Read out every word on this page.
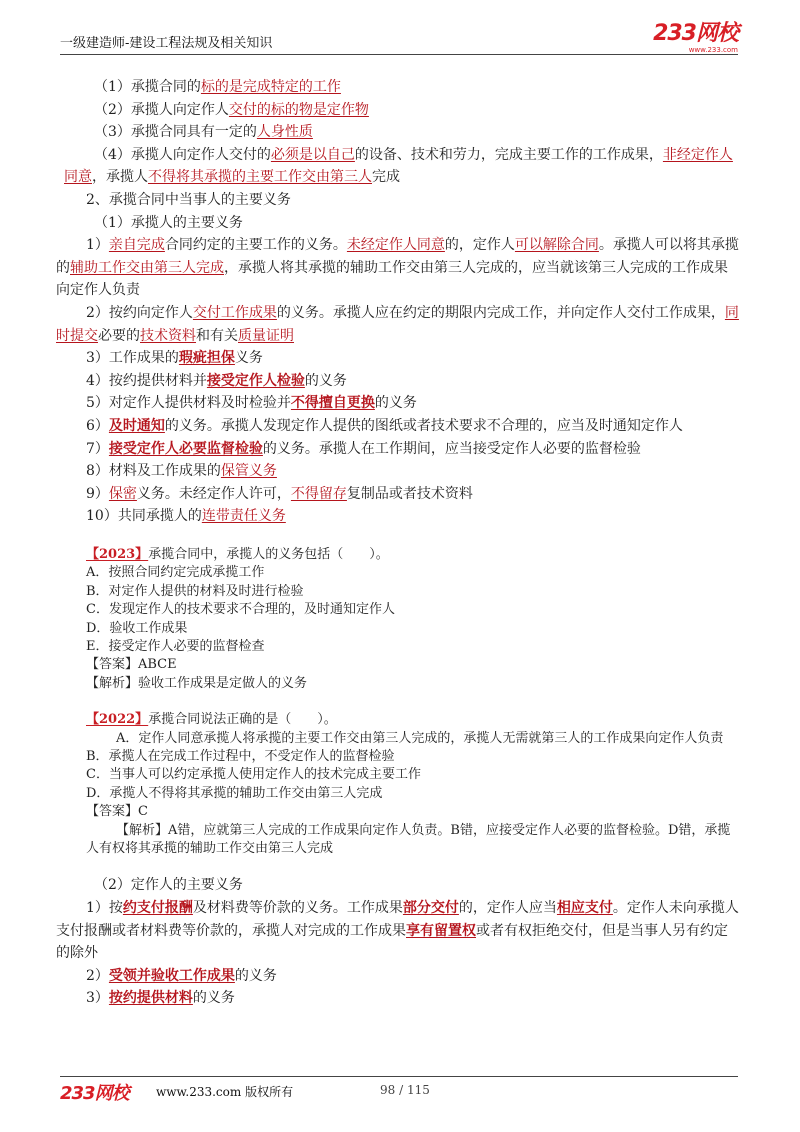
一级建造师-建设工程法规及相关知识	233网校
www.233.com

（1）承揽合同的标的是完成特定的工作

（2）承揽人向定作人交付的标的物是定作物

（3）承揽合同具有一定的人身性质

（4）承揽人向定作人交付的必须是以自己的设备、技术和劳力，完成主要工作的工作成果，非经定作人同意，承揽人不得将其承揽的主要工作交由第三人完成

2、承揽合同中当事人的主要义务

（1）承揽人的主要义务

1）亲自完成合同约定的主要工作的义务。未经定作人同意的，定作人可以解除合同。承揽人可以将其承揽的辅助工作交由第三人完成，承揽人将其承揽的辅助工作交由第三人完成的，应当就该第三人完成的工作成果向定作人负责

2）按约向定作人交付工作成果的义务。承揽人应在约定的期限内完成工作，并向定作人交付工作成果，同时提交必要的技术资料和有关质量证明

3）工作成果的瑕疵担保义务

4）按约提供材料并接受定作人检验的义务

5）对定作人提供材料及时检验并不得擅自更换的义务

6）及时通知的义务。承揽人发现定作人提供的图纸或者技术要求不合理的，应当及时通知定作人

7）接受定作人必要监督检验的义务。承揽人在工作期间，应当接受定作人必要的监督检验

8）材料及工作成果的保管义务

9）保密义务。未经定作人许可，不得留存复制品或者技术资料

10）共同承揽人的连带责任义务

【2023】承揽合同中，承揽人的义务包括（　　）。

A．按照合同约定完成承揽工作

B．对定作人提供的材料及时进行检验

C．发现定作人的技术要求不合理的，及时通知定作人

D．验收工作成果

E．接受定作人必要的监督检查

【答案】ABCE

【解析】验收工作成果是定做人的义务

【2022】承揽合同说法正确的是（　　）。

A．定作人同意承揽人将承揽的主要工作交由第三人完成的，承揽人无需就第三人的工作成果向定作人负责

B．承揽人在完成工作过程中，不受定作人的监督检验

C．当事人可以约定承揽人使用定作人的技术完成主要工作

D．承揽人不得将其承揽的辅助工作交由第三人完成

【答案】C

【解析】A错，应就第三人完成的工作成果向定作人负责。B错，应接受定作人必要的监督检验。D错，承揽人有权将其承揽的辅助工作交由第三人完成

（2）定作人的主要义务

1）按约支付报酬及材料费等价款的义务。工作成果部分交付的，定作人应当相应支付。定作人未向承揽人支付报酬或者材料费等价款的，承揽人对完成的工作成果享有留置权或者有权拒绝交付，但是当事人另有约定的除外

2）受领并验收工作成果的义务

3）按约提供材料的义务

233网校 www.233.com 版权所有	98 / 115
